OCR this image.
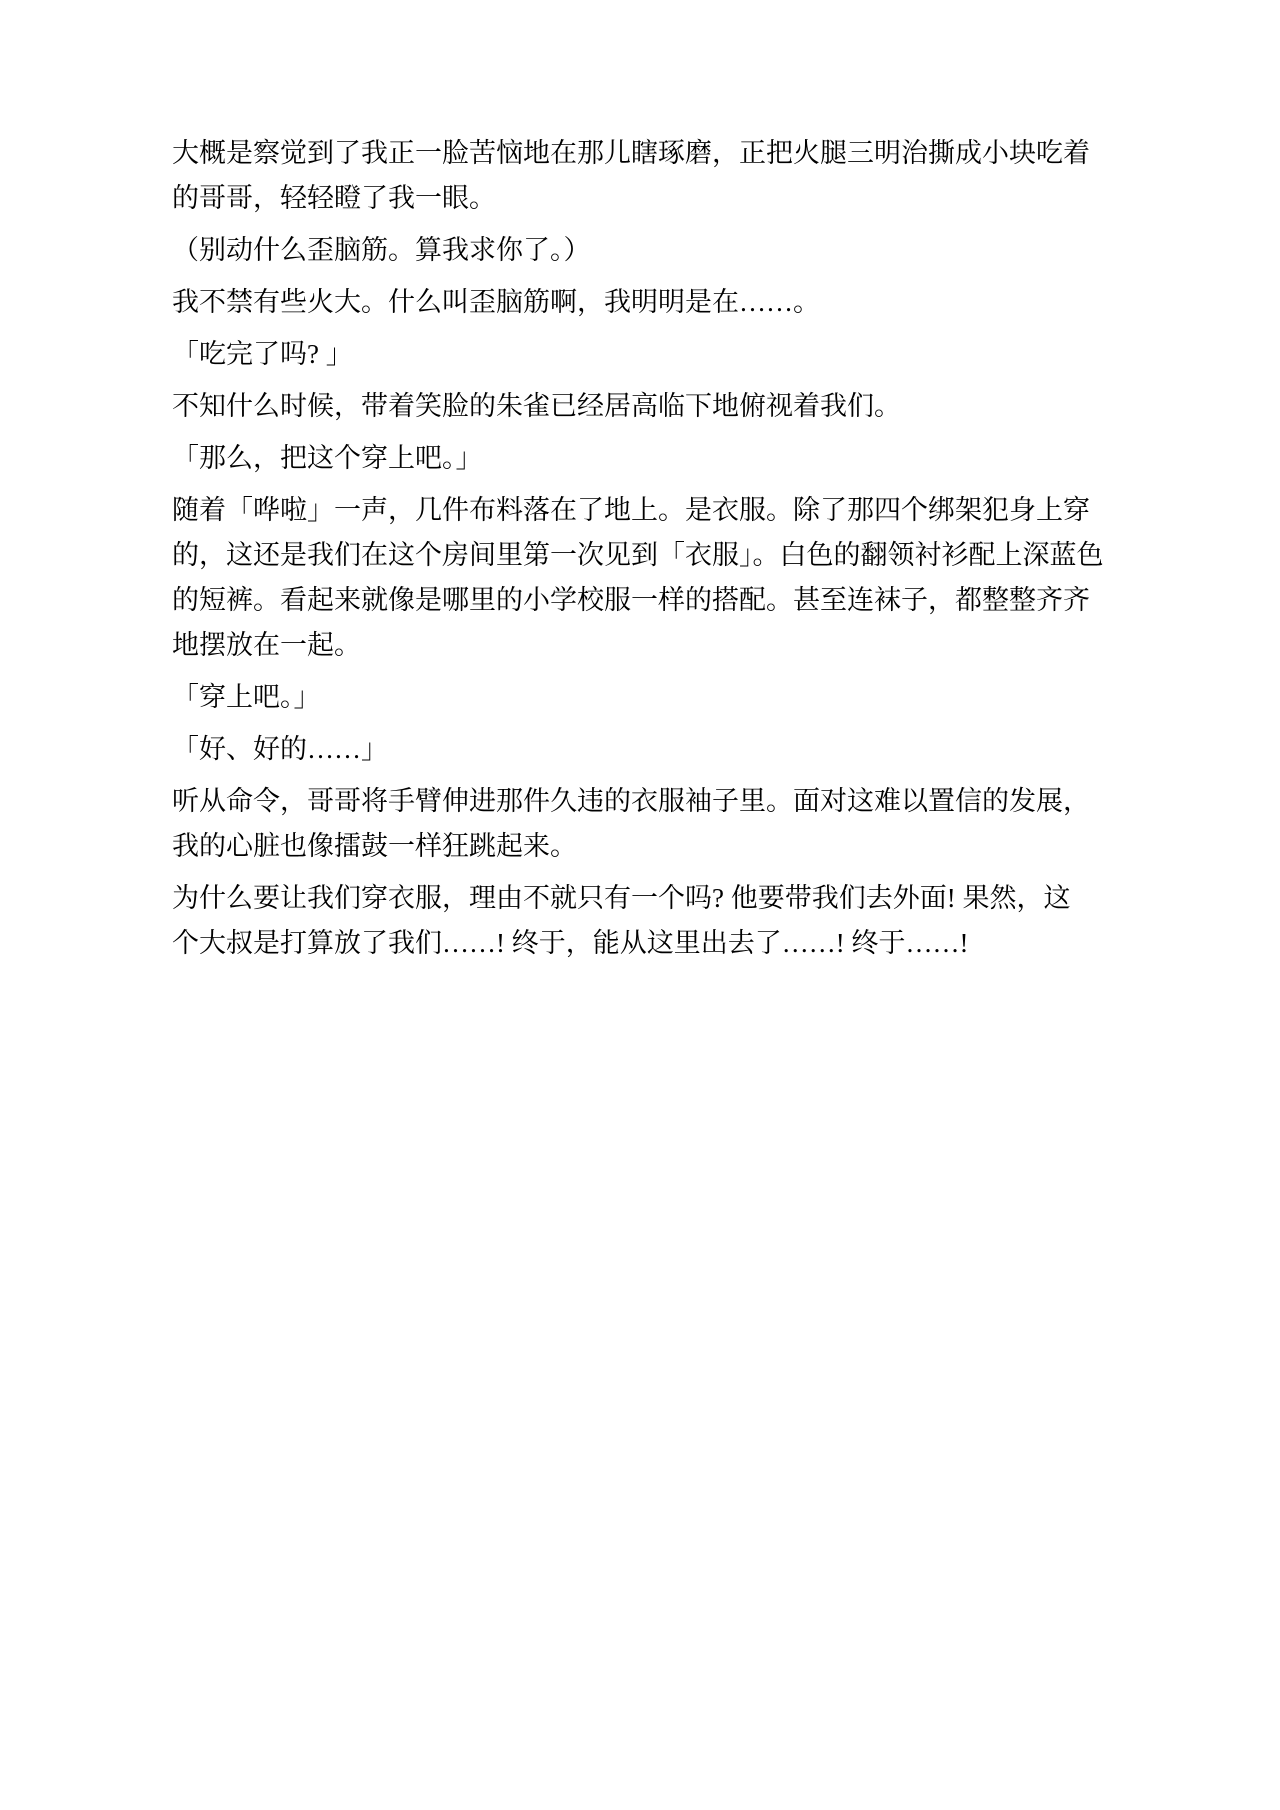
大概是察觉到了我正一脸苦恼地在那儿瞎琢磨，正把火腿三明治撕成小块吃着
的哥哥，轻轻瞪了我一眼。

（别动什么歪脑筋。算我求你了。）

我不禁有些火大。什么叫歪脑筋啊，我明明是在……。

「吃完了吗? 」

不知什么时候，带着笑脸的朱雀已经居高临下地俯视着我们。

「那么，把这个穿上吧。」

随着「哗啦」一声，几件布料落在了地上。是衣服。除了那四个绑架犯身上穿
的，这还是我们在这个房间里第一次见到「衣服」。白色的翻领衬衫配上深蓝色
的短裤。看起来就像是哪里的小学校服一样的搭配。甚至连袜子，都整整齐齐
地摆放在一起。

「穿上吧。」

「好、好的……」

听从命令，哥哥将手臂伸进那件久违的衣服袖子里。面对这难以置信的发展，
我的心脏也像擂鼓一样狂跳起来。

为什么要让我们穿衣服，理由不就只有一个吗? 他要带我们去外面! 果然，这
个大叔是打算放了我们……! 终于，能从这里出去了……! 终于……!
